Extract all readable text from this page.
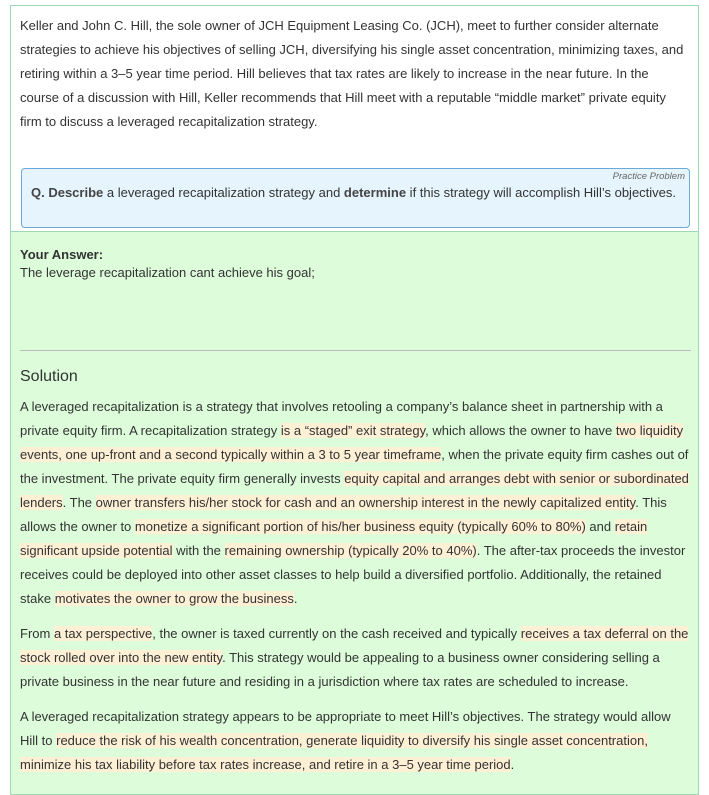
Keller and John C. Hill, the sole owner of JCH Equipment Leasing Co. (JCH), meet to further consider alternate strategies to achieve his objectives of selling JCH, diversifying his single asset concentration, minimizing taxes, and retiring within a 3–5 year time period. Hill believes that tax rates are likely to increase in the near future. In the course of a discussion with Hill, Keller recommends that Hill meet with a reputable “middle market” private equity firm to discuss a leveraged recapitalization strategy.
Practice Problem
Q. Describe a leveraged recapitalization strategy and determine if this strategy will accomplish Hill’s objectives.
Your Answer:
The leverage recapitalization cant achieve his goal;
Solution

A leveraged recapitalization is a strategy that involves retooling a company’s balance sheet in partnership with a private equity firm. A recapitalization strategy is a “staged” exit strategy, which allows the owner to have two liquidity events, one up-front and a second typically within a 3 to 5 year timeframe, when the private equity firm cashes out of the investment. The private equity firm generally invests equity capital and arranges debt with senior or subordinated lenders. The owner transfers his/her stock for cash and an ownership interest in the newly capitalized entity. This allows the owner to monetize a significant portion of his/her business equity (typically 60% to 80%) and retain significant upside potential with the remaining ownership (typically 20% to 40%). The after-tax proceeds the investor receives could be deployed into other asset classes to help build a diversified portfolio. Additionally, the retained stake motivates the owner to grow the business.

From a tax perspective, the owner is taxed currently on the cash received and typically receives a tax deferral on the stock rolled over into the new entity. This strategy would be appealing to a business owner considering selling a private business in the near future and residing in a jurisdiction where tax rates are scheduled to increase.

A leveraged recapitalization strategy appears to be appropriate to meet Hill’s objectives. The strategy would allow Hill to reduce the risk of his wealth concentration, generate liquidity to diversify his single asset concentration, minimize his tax liability before tax rates increase, and retire in a 3–5 year time period.
